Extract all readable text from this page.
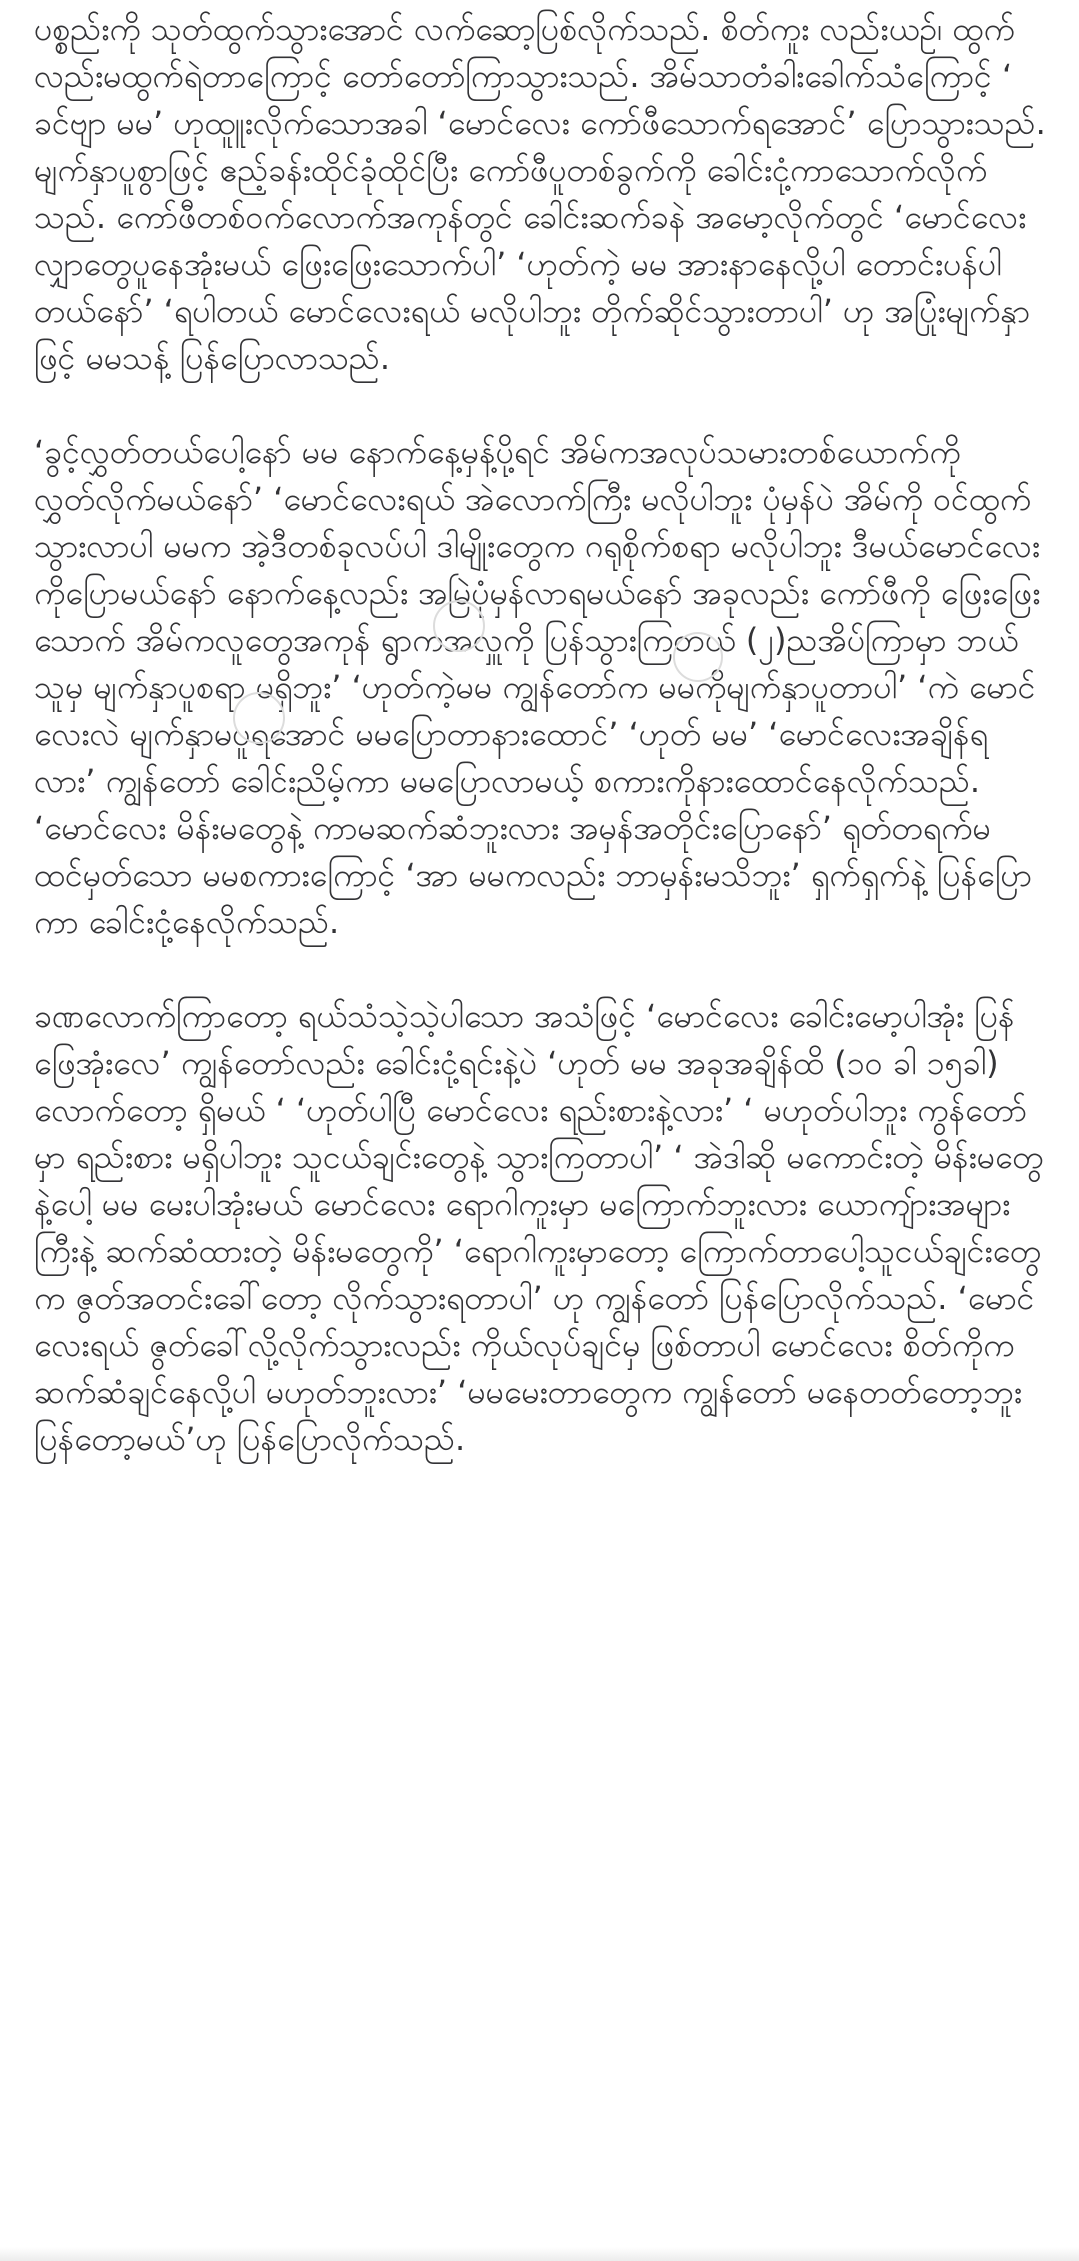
ပစ္စည်းကို သုတ်ထွက်သွားအောင် လက်ဆော့ပြစ်လိုက်သည်. စိတ်ကူး လည်းယဉ်၊ ထွက်လည်းမထွက်ရဲတာကြောင့် တော်တော်ကြာသွားသည်. အိမ်သာတံခါးခေါက်သံကြောင့် ‘ ခင်ဗျာ မမ’ ဟုထူူးလိုက်သောအခါ ‘မောင်လေး ကော်ဖီသောက်ရအောင်’ ပြောသွားသည်. မျက်နှာပူစွာဖြင့် ဧည့်ခန်းထိုင်ခုံထိုင်ပြီး ကော်ဖီပူတစ်ခွက်ကို ခေါင်းငုံ့ကာသောက်လိုက်သည်. ကော်ဖီတစ်ဝက်လောက်အကုန်တွင် ခေါင်းဆက်ခနဲ အမော့လိုက်တွင် ‘မောင်လေး လျှာတွေပူနေအုံးမယ် ဖြေးဖြေးသောက်ပါ’ ‘ဟုတ်ကဲ့ မမ အားနာနေလို့ပါ တောင်းပန်ပါတယ်နော်’ ‘ရပါတယ် မောင်လေးရယ် မလိုပါဘူး တိုက်ဆိုင်သွားတာပါ’ ဟု အပြုံးမျက်နှာဖြင့် မမသန့် ပြန်ပြောလာသည်.

‘ခွင့်လွှတ်တယ်ပေါ့နော် မမ နောက်နေ့မှန့်ပို့ရင် အိမ်ကအလုပ်သမားတစ်ယောက်ကို လွှတ်လိုက်မယ်နော်’ ‘မောင်လေးရယ် အဲလောက်ကြီး မလိုပါဘူး ပုံမှန်ပဲ အိမ်ကို ဝင်ထွက်သွားလာပါ မမက အဲ့ဒီတစ်ခုလပ်ပါ ဒါမျိုးတွေက ဂရုစိုက်စရာ မလိုပါဘူး ဒီမယ်မောင်လေးကိုပြောမယ်နော် နောက်နေ့လည်း အမြဲပုံမှန်လာရမယ်နော် အခုလည်း ကော်ဖီကို ဖြေးဖြေးသောက် အိမ်ကလူတွေအကုန် ရွာကအလှူကို ပြန်သွားကြတယ် (၂)ညအိပ်ကြာမှာ ဘယ်သူမှ မျက်နှာပူစရာ မရှိဘူး’ ‘ဟုတ်ကဲ့မမ ကျွန်တော်က မမကိုမျက်နှာပူတာပါ’ ‘ကဲ မောင်လေးလဲ မျက်နှာမပူရအောင် မမပြောတာနားထောင်’ ‘ဟုတ် မမ’ ‘မောင်လေးအချိန်ရလား’ ကျွန်တော် ခေါင်းညိမ့်ကာ မမပြောလာမယ့် စကားကိုနားထောင်နေလိုက်သည်. ‘မောင်လေး မိန်းမတွေနဲ့ ကာမဆက်ဆံဘူးလား အမှန်အတိုင်းပြောနော်’ ရုတ်တရက်မထင်မှတ်သော မမစကားကြောင့် ‘အာ မမကလည်း ဘာမှန်းမသိဘူး’ ရှက်ရှက်နဲ့ ပြန်ပြောကာ ခေါင်းငုံ့နေလိုက်သည်.

ခဏလောက်ကြာတော့ ရယ်သံသဲ့သဲ့ပါသော အသံဖြင့် ‘မောင်လေး ခေါင်းမော့ပါအုံး ပြန်ဖြေအုံးလေ’ ကျွန်တော်လည်း ခေါင်းငုံ့ရင်းနဲ့ပဲ ‘ဟုတ် မမ အခုအချိန်ထိ (၁၀ ခါ ၁၅ခါ) လောက်တော့ ရှိမယ် ‘ ‘ဟုတ်ပါပြီ မောင်လေး ရည်းစားနဲ့လား’ ‘ မဟုတ်ပါဘူး ကွန်တော်မှာ ရည်းစား မရှိပါဘူး သူငယ်ချင်းတွေနဲ့ သွားကြတာပါ’ ‘ အဲဒါဆို မကောင်းတဲ့ မိန်းမတွေနဲ့ပေါ့ မမ မေးပါအုံးမယ် မောင်လေး ရောဂါကူးမှာ မကြောက်ဘူးလား ယောကျ်ားအများကြီးနဲ့ ဆက်ဆံထားတဲ့ မိန်းမတွေကို’ ‘ရောဂါကူးမှာတော့ ကြောက်တာပေါ့သူငယ်ချင်းတွေက ဇွတ်အတင်းခေါ်တော့ လိုက်သွားရတာပါ’ ဟု ကျွန်တော် ပြန်ပြောလိုက်သည်. ‘မောင်လေးရယ် ဇွတ်ခေါ်လို့လိုက်သွားလည်း ကိုယ်လုပ်ချင်မှ ဖြစ်တာပါ မောင်လေး စိတ်ကိုက ဆက်ဆံချင်နေလို့ပါ မဟုတ်ဘူးလား’ ‘မမမေးတာတွေက ကျွန်တော် မနေတတ်တော့ဘူး ပြန်တော့မယ်’ဟု ပြန်ပြောလိုက်သည်.
